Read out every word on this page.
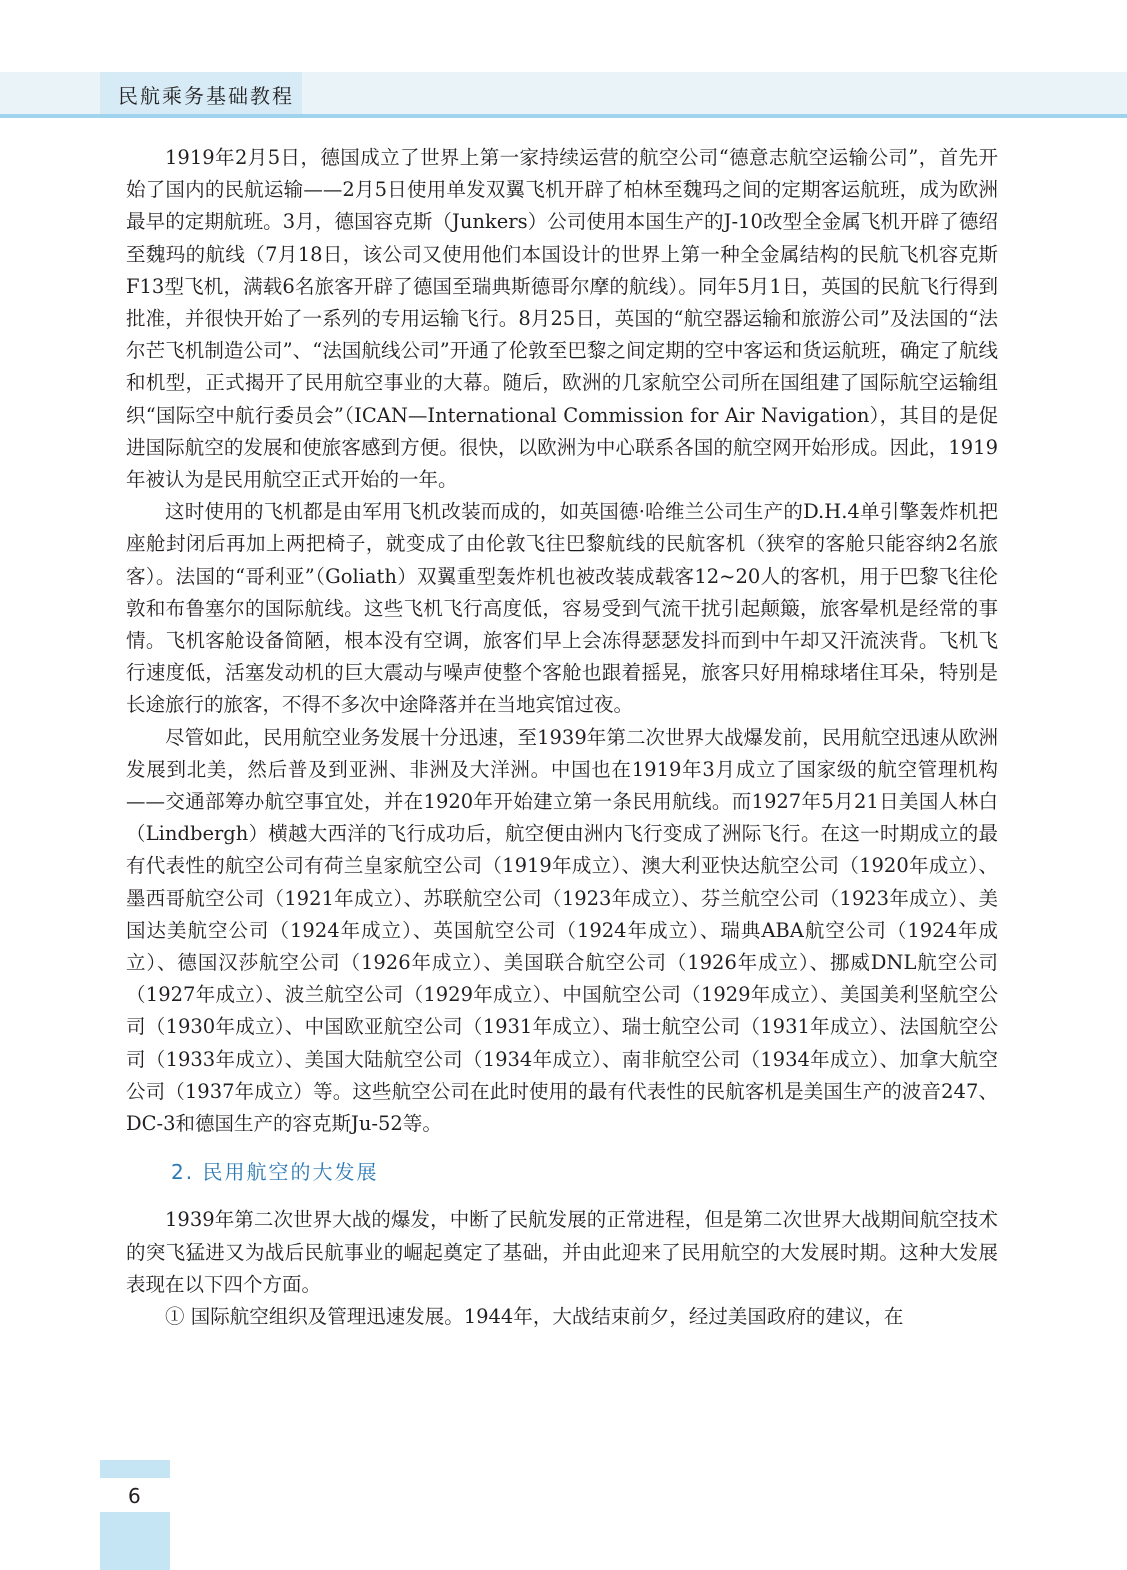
民航乘务基础教程

1919年2月5日，德国成立了世界上第一家持续运营的航空公司“德意志航空运输公司”，首先开始了国内的民航运输——2月5日使用单发双翼飞机开辟了柏林至魏玛之间的定期客运航班，成为欧洲最早的定期航班。3月，德国容克斯（Junkers）公司使用本国生产的J-10改型全金属飞机开辟了德绍至魏玛的航线（7月18日，该公司又使用他们本国设计的世界上第一种全金属结构的民航飞机容克斯F13型飞机，满载6名旅客开辟了德国至瑞典斯德哥尔摩的航线）。同年5月1日，英国的民航飞行得到批准，并很快开始了一系列的专用运输飞行。8月25日，英国的“航空器运输和旅游公司”及法国的“法尔芒飞机制造公司”、“法国航线公司”开通了伦敦至巴黎之间定期的空中客运和货运航班，确定了航线和机型，正式揭开了民用航空事业的大幕。随后，欧洲的几家航空公司所在国组建了国际航空运输组织“国际空中航行委员会”（ICAN—International Commission for Air Navigation），其目的是促进国际航空的发展和使旅客感到方便。很快，以欧洲为中心联系各国的航空网开始形成。因此，1919年被认为是民用航空正式开始的一年。

这时使用的飞机都是由军用飞机改装而成的，如英国德·哈维兰公司生产的D.H.4单引擎轰炸机把座舱封闭后再加上两把椅子，就变成了由伦敦飞往巴黎航线的民航客机（狭窄的客舱只能容纳2名旅客）。法国的“哥利亚”（Goliath）双翼重型轰炸机也被改装成载客12~20人的客机，用于巴黎飞往伦敦和布鲁塞尔的国际航线。这些飞机飞行高度低，容易受到气流干扰引起颠簸，旅客晕机是经常的事情。飞机客舱设备简陋，根本没有空调，旅客们早上会冻得瑟瑟发抖而到中午却又汗流浃背。飞机飞行速度低，活塞发动机的巨大震动与噪声使整个客舱也跟着摇晃，旅客只好用棉球堵住耳朵，特别是长途旅行的旅客，不得不多次中途降落并在当地宾馆过夜。

尽管如此，民用航空业务发展十分迅速，至1939年第二次世界大战爆发前，民用航空迅速从欧洲发展到北美，然后普及到亚洲、非洲及大洋洲。中国也在1919年3月成立了国家级的航空管理机构——交通部筹办航空事宜处，并在1920年开始建立第一条民用航线。而1927年5月21日美国人林白（Lindbergh）横越大西洋的飞行成功后，航空便由洲内飞行变成了洲际飞行。在这一时期成立的最有代表性的航空公司有荷兰皇家航空公司（1919年成立）、澳大利亚快达航空公司（1920年成立）、墨西哥航空公司（1921年成立）、苏联航空公司（1923年成立）、芬兰航空公司（1923年成立）、美国达美航空公司（1924年成立）、英国航空公司（1924年成立）、瑞典ABA航空公司（1924年成立）、德国汉莎航空公司（1926年成立）、美国联合航空公司（1926年成立）、挪威DNL航空公司（1927年成立）、波兰航空公司（1929年成立）、中国航空公司（1929年成立）、美国美利坚航空公司（1930年成立）、中国欧亚航空公司（1931年成立）、瑞士航空公司（1931年成立）、法国航空公司（1933年成立）、美国大陆航空公司（1934年成立）、南非航空公司（1934年成立）、加拿大航空公司（1937年成立）等。这些航空公司在此时使用的最有代表性的民航客机是美国生产的波音247、DC-3和德国生产的容克斯Ju-52等。

2. 民用航空的大发展

1939年第二次世界大战的爆发，中断了民航发展的正常进程，但是第二次世界大战期间航空技术的突飞猛进又为战后民航事业的崛起奠定了基础，并由此迎来了民用航空的大发展时期。这种大发展表现在以下四个方面。

① 国际航空组织及管理迅速发展。1944年，大战结束前夕，经过美国政府的建议，在

6
